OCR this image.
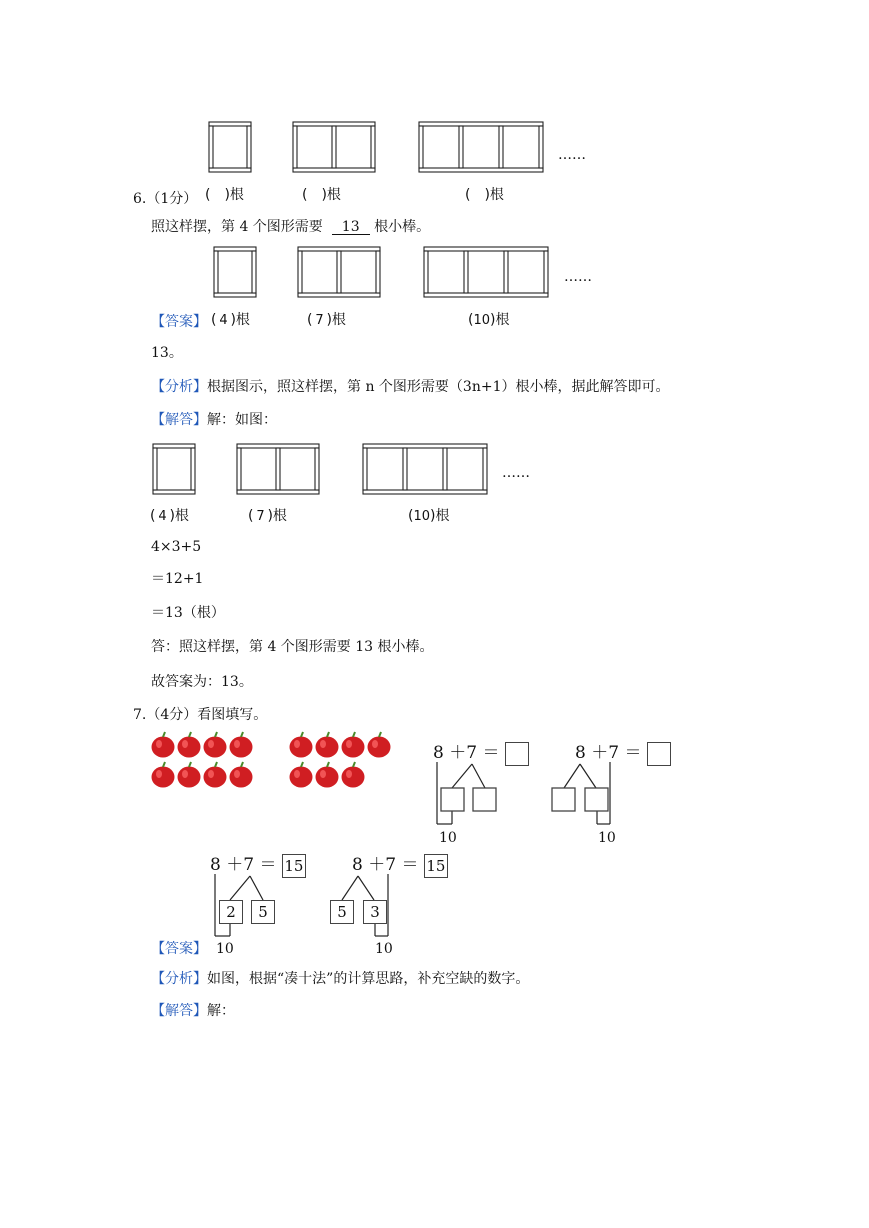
……
6.（1分） ( )根	( )根	( )根
照这样摆，第 4 个图形需要 13 根小棒。
……
【答案】 ( 4 )根	( 7 )根	(10)根
13。
【分析】根据图示，照这样摆，第 n 个图形需要（3n+1）根小棒，据此解答即可。
【解答】解：如图：
……
( 4 )根	( 7 )根	(10)根
4×3+5
＝12+1
＝13（根）
答：照这样摆，第 4 个图形需要 13 根小棒。
故答案为：13。
7.（4分）看图填写。
8 ＋7 ＝
10
8 ＋7 ＝
10
8 ＋7 ＝ 15
2	5
8 ＋7 ＝ 15
5	3
【答案】 10	10
【分析】如图，根据“凑十法”的计算思路，补充空缺的数字。
【解答】解：
